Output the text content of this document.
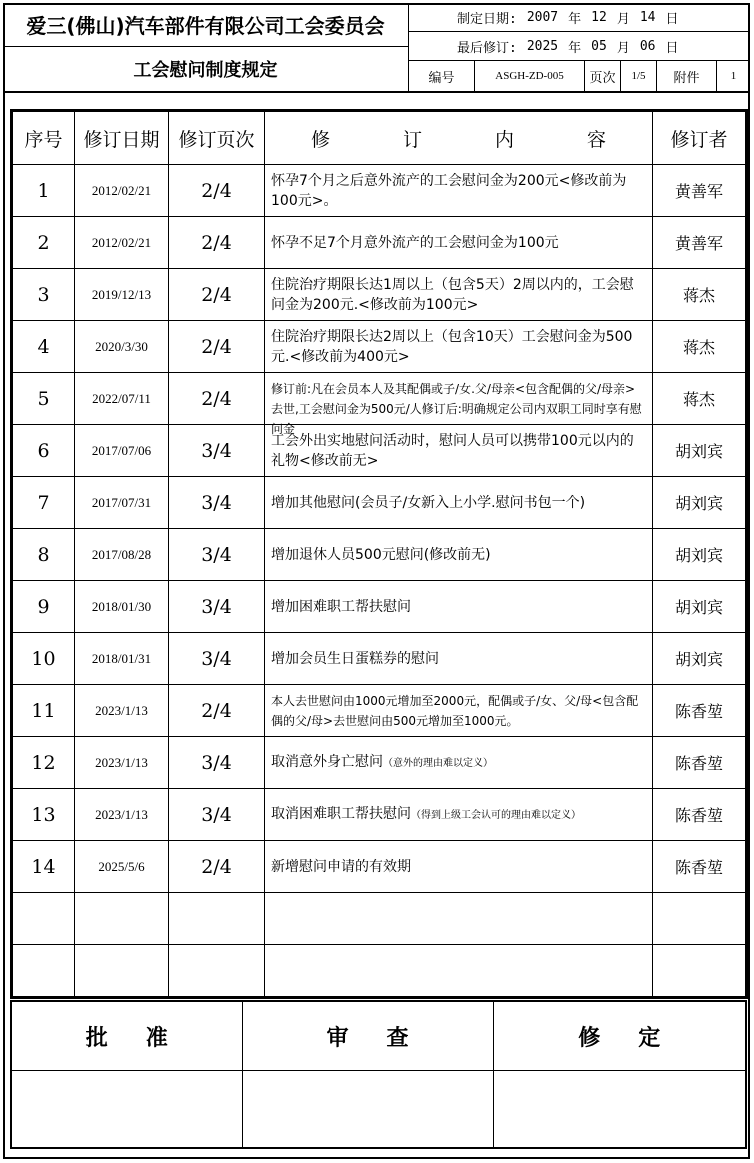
爱三(佛山)汽车部件有限公司工会委员会
工会慰问制度规定
制定日期: 2007 年 12 月 14 日
最后修订: 2025 年 05 月 06 日
编号	ASGH-ZD-005	页次	1/5	附件	1
序号	修订日期	修订页次	修 订 内 容	修订者
1	2012/02/21	2/4	怀孕7个月之后意外流产的工会慰问金为200元<修改前为100元>。	黄善军
2	2012/02/21	2/4	怀孕不足7个月意外流产的工会慰问金为100元	黄善军
3	2019/12/13	2/4	住院治疗期限长达1周以上（包含5天）2周以内的，工会慰问金为200元.<修改前为100元>	蒋杰
4	2020/3/30	2/4	住院治疗期限长达2周以上（包含10天）工会慰问金为500元.<修改前为400元>	蒋杰
5	2022/07/11	2/4	修订前:凡在会员本人及其配偶或子/女.父/母亲<包含配偶的父/母亲>去世,工会慰问金为500元/人修订后:明确规定公司内双职工同时享有慰问金	蒋杰
6	2017/07/06	3/4	工会外出实地慰问活动时，慰问人员可以携带100元以内的礼物<修改前无>	胡刘宾
7	2017/07/31	3/4	增加其他慰问(会员子/女新入上小学.慰问书包一个)	胡刘宾
8	2017/08/28	3/4	增加退休人员500元慰问(修改前无)	胡刘宾
9	2018/01/30	3/4	增加困难职工帮扶慰问	胡刘宾
10	2018/01/31	3/4	增加会员生日蛋糕券的慰问	胡刘宾
11	2023/1/13	2/4	本人去世慰问由1000元增加至2000元，配偶或子/女、父/母<包含配偶的父/母>去世慰问由500元增加至1000元。	陈香堃
12	2023/1/13	3/4	取消意外身亡慰问（意外的理由难以定义）	陈香堃
13	2023/1/13	3/4	取消困难职工帮扶慰问（得到上级工会认可的理由难以定义）	陈香堃
14	2025/5/6	2/4	新增慰问申请的有效期	陈香堃

批准	审查	修定
